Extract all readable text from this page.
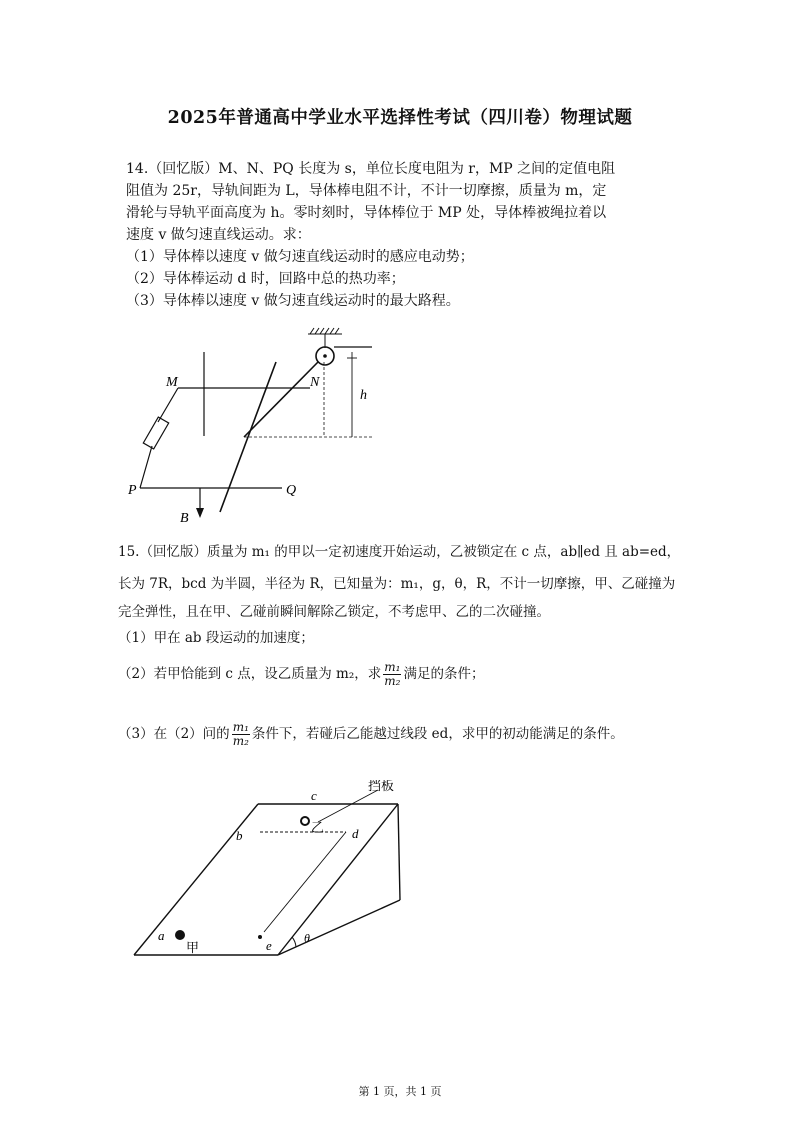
2025年普通高中学业水平选择性考试（四川卷）物理试题

14.（回忆版）M、N、PQ 长度为 s，单位长度电阻为 r，MP 之间的定值电阻

阻值为 25r，导轨间距为 L，导体棒电阻不计，不计一切摩擦，质量为 m，定

滑轮与导轨平面高度为 h。零时刻时，导体棒位于 MP 处，导体棒被绳拉着以

速度 v 做匀速直线运动。求：

（1）导体棒以速度 v 做匀速直线运动时的感应电动势；

（2）导体棒运动 d 时，回路中总的热功率；

（3）导体棒以速度 v 做匀速直线运动时的最大路程。

h
M	N
P	Q
B

15.（回忆版）质量为 m₁ 的甲以一定初速度开始运动，乙被锁定在 c 点，ab∥ed 且 ab=ed，

长为 7R，bcd 为半圆，半径为 R，已知量为：m₁，g，θ，R，不计一切摩擦，甲、乙碰撞为

完全弹性，且在甲、乙碰前瞬间解除乙锁定，不考虑甲、乙的二次碰撞。

（1）甲在 ab 段运动的加速度；

（2）若甲恰能到 c 点，设乙质量为 m₂，求 $\frac{\text{m₁}}{\text{m₂}}$ 满足的条件；

（3）在（2）问的 $\frac{\text{m₁}}{\text{m₂}}$ 条件下，若碰后乙能越过线段 ed，求甲的初动能满足的条件。

θ
c
b	d
a
e
甲
乙
挡板
第 1 页，共 1 页
